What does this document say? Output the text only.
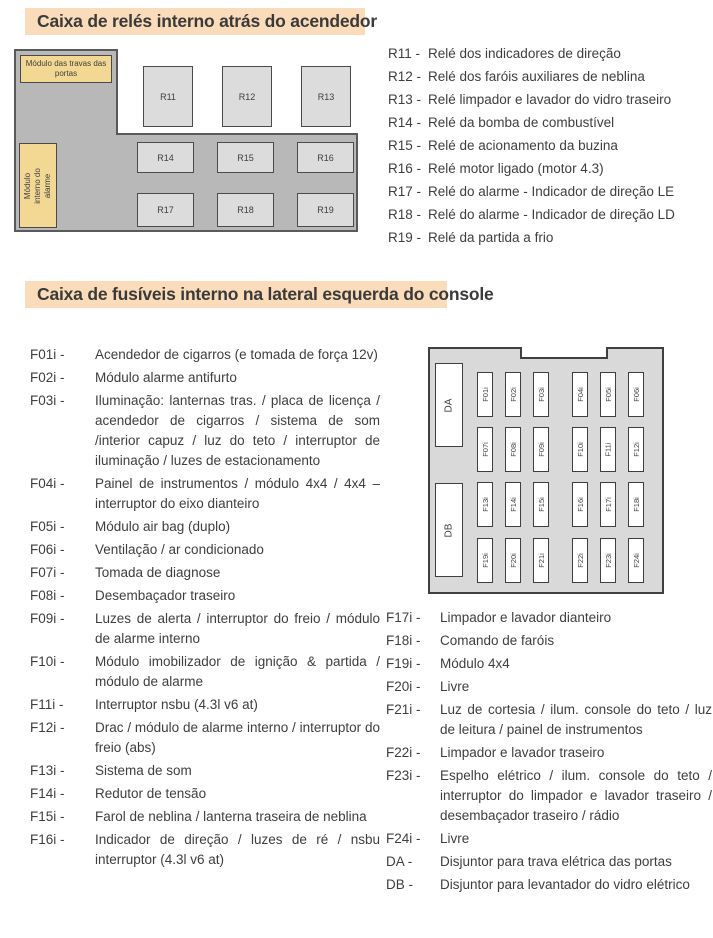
Caixa de relés interno atrás do acendedor
Módulo das travas das portas
Módulo interno do alarme
R11	R12	R13
R14	R15	R16
R17	R18	R19
R11 - Relé dos indicadores de direção
R12 - Relé dos faróis auxiliares de neblina
R13 - Relé limpador e lavador do vidro traseiro
R14 - Relé da bomba de combustível
R15 - Relé de acionamento da buzina
R16 - Relé motor ligado (motor 4.3)
R17 - Relé do alarme - Indicador de direção LE
R18 - Relé do alarme - Indicador de direção LD
R19 - Relé da partida a frio
Caixa de fusíveis interno na lateral esquerda do console
F01i -	Acendedor de cigarros (e tomada de força 12v)
F02i -	Módulo alarme antifurto
F03i -	Iluminação: lanternas tras. / placa de licença / acendedor de cigarros / sistema de som /interior capuz / luz do teto / interruptor de iluminação / luzes de estacionamento
F04i -	Painel de instrumentos / módulo 4x4 / 4x4 – interruptor do eixo dianteiro
F05i -	Módulo air bag (duplo)
F06i -	Ventilação / ar condicionado
F07i -	Tomada de diagnose
F08i -	Desembaçador traseiro
F09i -	Luzes de alerta / interruptor do freio / módulo de alarme interno
F10i -	Módulo imobilizador de ignição & partida / módulo de alarme
F11i -	Interruptor nsbu (4.3l v6 at)
F12i -	Drac / módulo de alarme interno / interruptor do freio (abs)
F13i -	Sistema de som
F14i -	Redutor de tensão
F15i -	Farol de neblina / lanterna traseira de neblina
F16i -	Indicador de direção / luzes de ré / nsbu interruptor (4.3l v6 at)
DA
DB
F01i	F02i	F03i	F04i	F05i	F06i
F07i	F08i	F09i	F10i	F11i	F12i
F13i	F14i	F15i	F16i	F17i	F18i
F19i	F20i	F21i	F22i	F23i	F24i
F17i -	Limpador e lavador dianteiro
F18i -	Comando de faróis
F19i -	Módulo 4x4
F20i -	Livre
F21i -	Luz de cortesia / ilum. console do teto / luz de leitura / painel de instrumentos
F22i -	Limpador e lavador traseiro
F23i -	Espelho elétrico / ilum. console do teto / interruptor do limpador e lavador traseiro / desembaçador traseiro / rádio
F24i -	Livre
DA -	Disjuntor para trava elétrica das portas
DB -	Disjuntor para levantador do vidro elétrico
